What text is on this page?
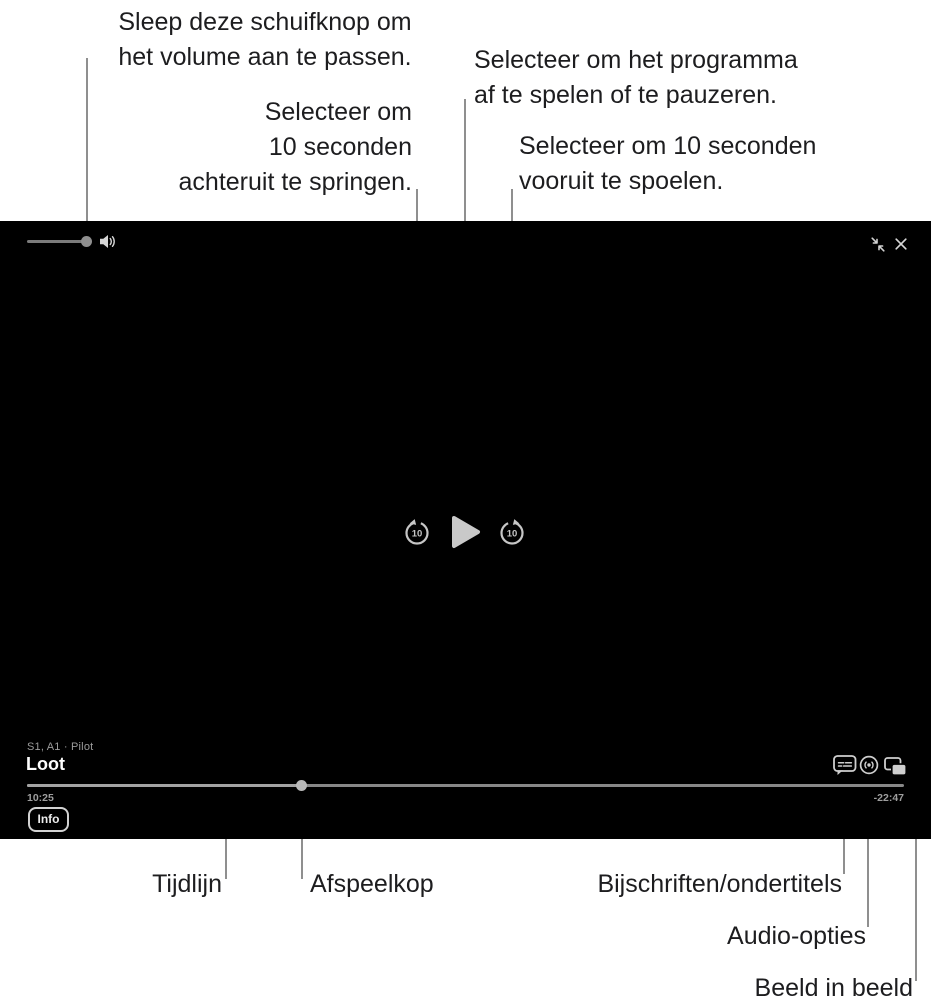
Sleep deze schuifknop om
het volume aan te passen.	Selecteer om het programma
af te spelen of te pauzeren.
Selecteer om
10 seconden
achteruit te springen.
Selecteer om 10 seconden
vooruit te spoelen.
10	10
S1, A1 · Pilot
Loot
10:25	-22:47
Info
Tijdlijn	Afspeelkop	Bijschriften/ondertitels
Audio-opties
Beeld in beeld
